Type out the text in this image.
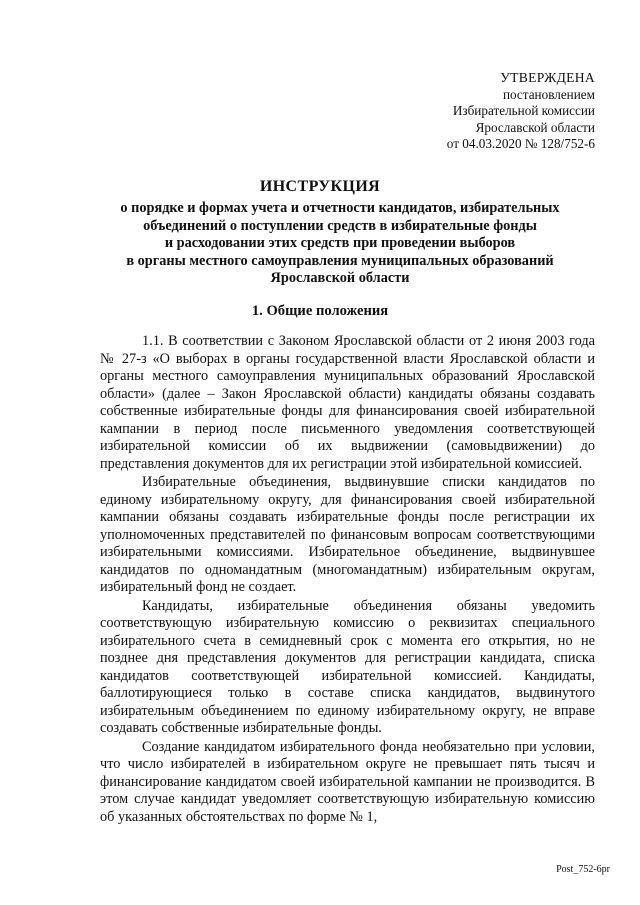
УТВЕРЖДЕНА
постановлением
Избирательной комиссии
Ярославской области
от 04.03.2020 № 128/752-6
ИНСТРУКЦИЯ
о порядке и формах учета и отчетности кандидатов, избирательных
объединений о поступлении средств в избирательные фонды
и расходовании этих средств при проведении выборов
в органы местного самоуправления муниципальных образований
Ярославской области
1. Общие положения

1.1. В соответствии с Законом Ярославской области от 2 июня 2003 года № 27-з «О выборах в органы государственной власти Ярославской области и органы местного самоуправления муниципальных образований Ярославской области» (далее – Закон Ярославской области) кандидаты обязаны создавать собственные избирательные фонды для финансирования своей избирательной кампании в период после письменного уведомления соответствующей избирательной комиссии об их выдвижении (самовыдвижении) до представления документов для их регистрации этой избирательной комиссией.

Избирательные объединения, выдвинувшие списки кандидатов по единому избирательному округу, для финансирования своей избирательной кампании обязаны создавать избирательные фонды после регистрации их уполномоченных представителей по финансовым вопросам соответствующими избирательными комиссиями. Избирательное объединение, выдвинувшее кандидатов по одномандатным (многомандатным) избирательным округам, избирательный фонд не создает.

Кандидаты, избирательные объединения обязаны уведомить соответствующую избирательную комиссию о реквизитах специального избирательного счета в семидневный срок с момента его открытия, но не позднее дня представления документов для регистрации кандидата, списка кандидатов соответствующей избирательной комиссией. Кандидаты, баллотирующиеся только в составе списка кандидатов, выдвинутого избирательным объединением по единому избирательному округу, не вправе создавать собственные избирательные фонды.

Создание кандидатом избирательного фонда необязательно при условии, что число избирателей в избирательном округе не превышает пять тысяч и финансирование кандидатом своей избирательной кампании не производится. В этом случае кандидат уведомляет соответствующую избирательную комиссию об указанных обстоятельствах по форме № 1,

Post_752-6pr
